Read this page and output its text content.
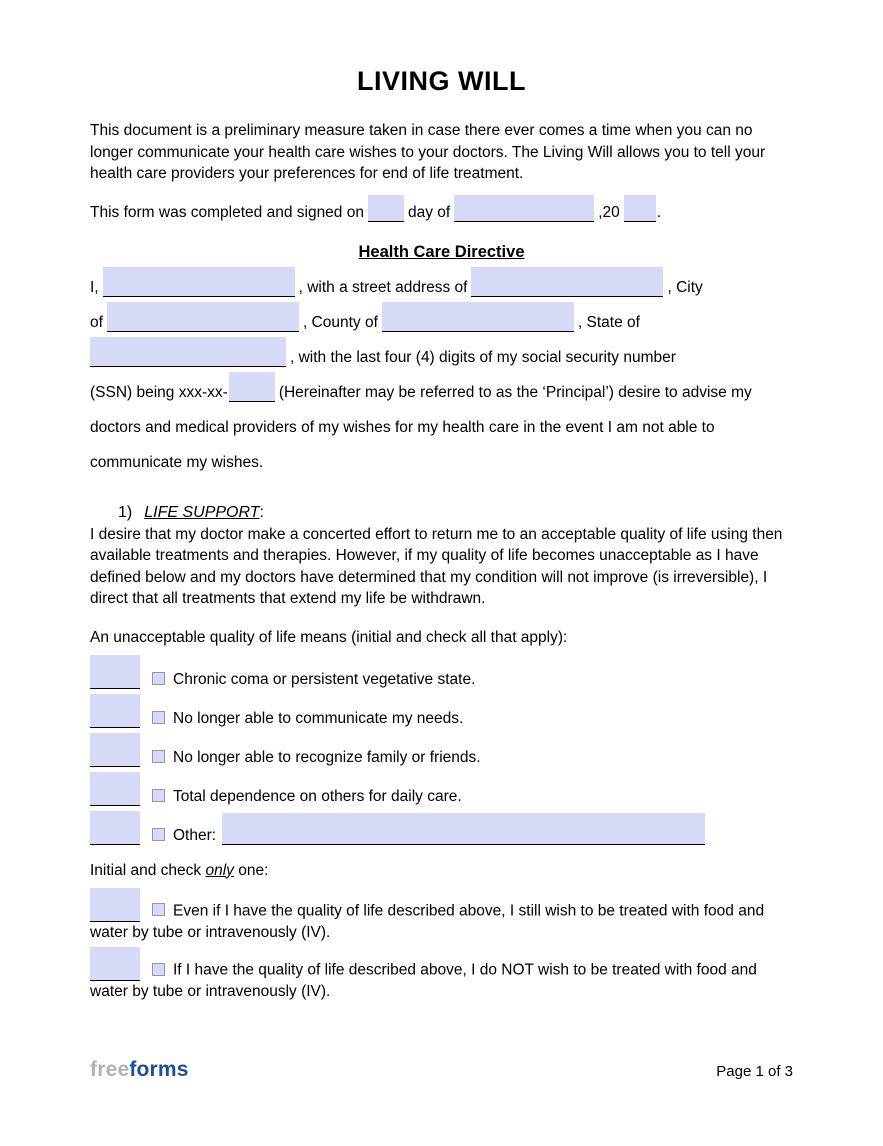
LIVING WILL
This document is a preliminary measure taken in case there ever comes a time when you can no longer communicate your health care wishes to your doctors. The Living Will allows you to tell your health care providers your preferences for end of life treatment.
This form was completed and signed on	day of	,20 .
Health Care Directive
I,	, with a street address of	, City
of	, County of	, State of
, with the last four (4) digits of my social security number
(SSN) being xxx-xx-	(Hereinafter may be referred to as the ‘Principal’) desire to advise my
doctors and medical providers of my wishes for my health care in the event I am not able to
communicate my wishes.
1) LIFE SUPPORT:
I desire that my doctor make a concerted effort to return me to an acceptable quality of life using then available treatments and therapies. However, if my quality of life becomes unacceptable as I have defined below and my doctors have determined that my condition will not improve (is irreversible), I direct that all treatments that extend my life be withdrawn.
An unacceptable quality of life means (initial and check all that apply):
Chronic coma or persistent vegetative state.
No longer able to communicate my needs.
No longer able to recognize family or friends.
Total dependence on others for daily care.
Other:
Initial and check only one:
Even if I have the quality of life described above, I still wish to be treated with food and water by tube or intravenously (IV).
If I have the quality of life described above, I do NOT wish to be treated with food and water by tube or intravenously (IV).
freeforms	Page 1 of 3
